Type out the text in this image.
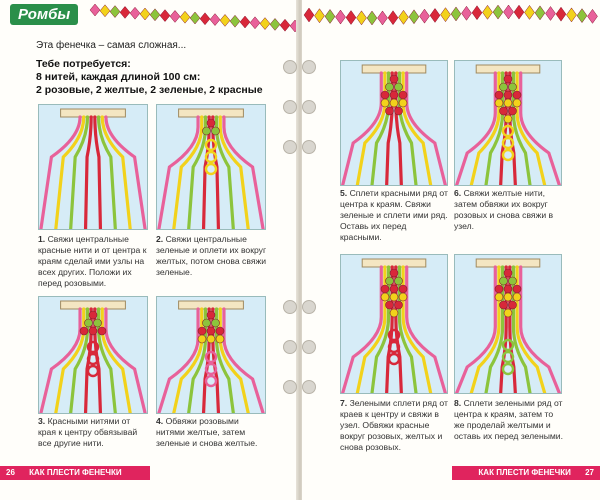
Ромбы
Эта фенечка – самая сложная...
Тебе потребуется:
8 нитей, каждая длиной 100 см:
2 розовые, 2 желтые, 2 зеленые, 2 красные
1. Свяжи центральные красные нити и от центра к краям сделай ими узлы на всех других. Положи их перед розовыми.
2. Свяжи центральные зеленые и оплети их вокруг желтых, потом снова свяжи зеленые.
3. Красными нитями от края к центру обвязывай все другие нити.
4. Обвяжи розовыми нитями желтые, затем зеленые и снова желтые.
26 КАК ПЛЕСТИ ФЕНЕЧКИ
5. Сплети красными ряд от центра к краям. Свяжи зеленые и сплети ими ряд. Оставь их перед красными.
6. Свяжи желтые нити, затем обвяжи их вокруг розовых и снова свяжи в узел.
7. Зелеными сплети ряд от краев к центру и свяжи в узел. Обвяжи красные вокруг розовых, желтых и снова розовых.
8. Сплети зелеными ряд от центра к краям, затем то же проделай желтыми и оставь их перед зелеными.
КАК ПЛЕСТИ ФЕНЕЧКИ 27
